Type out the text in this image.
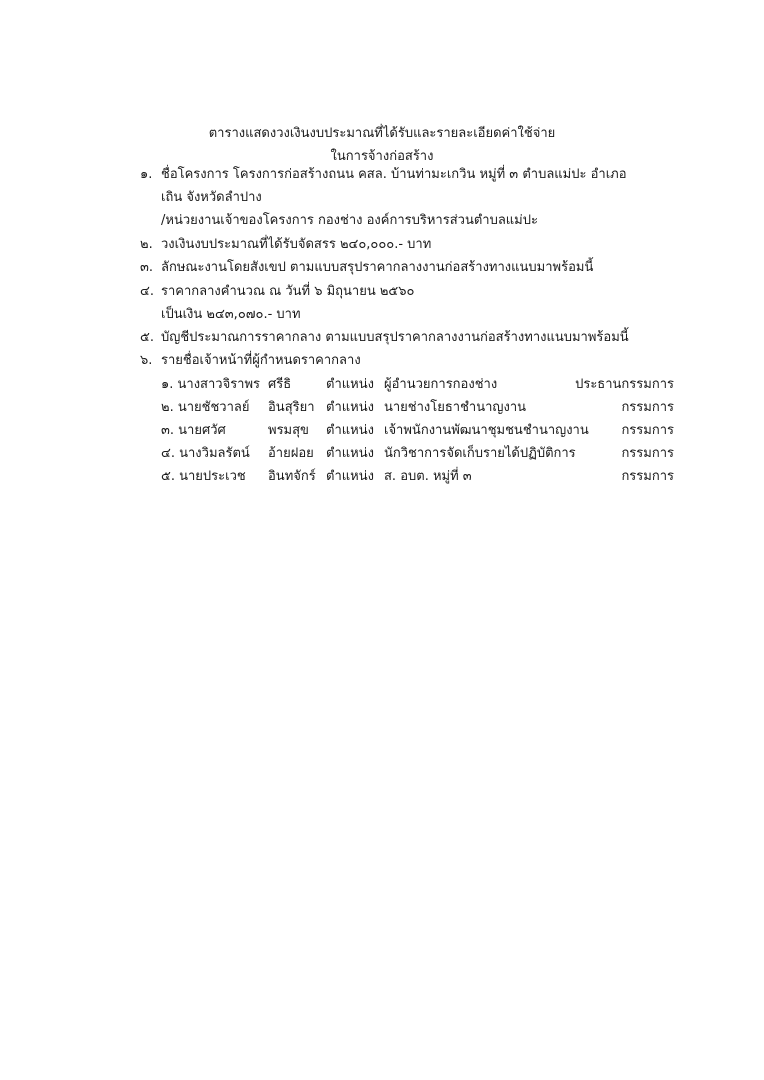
ตารางแสดงวงเงินงบประมาณที่ได้รับและรายละเอียดค่าใช้จ่าย
ในการจ้างก่อสร้าง
๑. ชื่อโครงการ โครงการก่อสร้างถนน คสล. บ้านท่ามะเกวิน หมู่ที่ ๓ ตำบลแม่ปะ อำเภอ
เถิน จังหวัดลำปาง
/หน่วยงานเจ้าของโครงการ กองช่าง องค์การบริหารส่วนตำบลแม่ปะ
๒. วงเงินงบประมาณที่ได้รับจัดสรร ๒๔๐,๐๐๐.- บาท
๓. ลักษณะงานโดยสังเขป ตามแบบสรุปราคากลางงานก่อสร้างทางแนบมาพร้อมนี้
๔. ราคากลางคำนวณ ณ วันที่ ๖ มิถุนายน ๒๕๖๐
เป็นเงิน ๒๔๓,๐๗๐.- บาท
๕. บัญชีประมาณการราคากลาง ตามแบบสรุปราคากลางงานก่อสร้างทางแนบมาพร้อมนี้
๖. รายชื่อเจ้าหน้าที่ผู้กำหนดราคากลาง
๑. นางสาวจิราพร ศรีธิ	ตำแหน่ง ผู้อำนวยการกองช่าง	ประธานกรรมการ
๒. นายชัชวาลย์ อินสุริยา ตำแหน่ง นายช่างโยธาชำนาญงาน	กรรมการ
๓. นายศวัศ	พรมสุข ตำแหน่ง เจ้าพนักงานพัฒนาชุมชนชำนาญงาน	กรรมการ
๔. นางวิมลรัตน์ อ้ายฝอย ตำแหน่ง นักวิชาการจัดเก็บรายได้ปฏิบัติการ	กรรมการ
๕. นายประเวช อินทจักร์ ตำแหน่ง ส. อบต. หมู่ที่ ๓	กรรมการ
